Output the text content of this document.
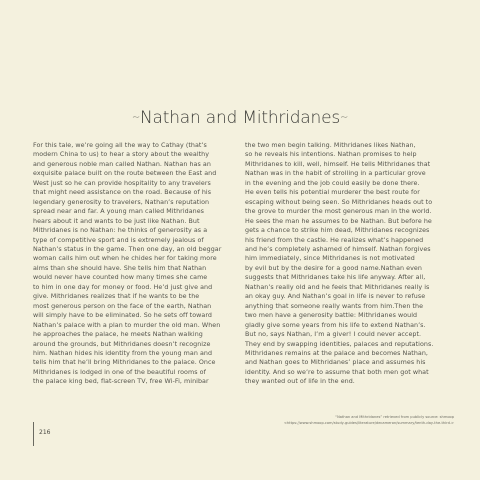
~Nathan and Mithridanes~
For this tale, we’re going all the way to Cathay (that’s
modern China to us) to hear a story about the wealthy
and generous noble man called Nathan. Nathan has an
exquisite palace built on the route between the East and
West just so he can provide hospitality to any travelers
that might need assistance on the road. Because of his
legendary generosity to travelers, Nathan’s reputation
spread near and far. A young man called Mithridanes
hears about it and wants to be just like Nathan. But
Mithridanes is no Nathan: he thinks of generosity as a
type of competitive sport and is extremely jealous of
Nathan’s status in the game. Then one day, an old beggar
woman calls him out when he chides her for taking more
alms than she should have. She tells him that Nathan
would never have counted how many times she came
to him in one day for money or food. He’d just give and
give. Mithridanes realizes that if he wants to be the
most generous person on the face of the earth, Nathan
will simply have to be eliminated. So he sets off toward
Nathan’s palace with a plan to murder the old man. When
he approaches the palace, he meets Nathan walking
around the grounds, but Mithridanes doesn’t recognize
him. Nathan hides his identity from the young man and
tells him that he’ll bring Mithridanes to the palace. Once
Mithridanes is lodged in one of the beautiful rooms of
the palace king bed, flat-screen TV, free Wi-Fi, minibar
the two men begin talking. Mithridanes likes Nathan,
so he reveals his intentions. Nathan promises to help
Mithridanes to kill, well, himself. He tells Mithridanes that
Nathan was in the habit of strolling in a particular grove
in the evening and the job could easily be done there.
He even tells his potential murderer the best route for
escaping without being seen. So Mithridanes heads out to
the grove to murder the most generous man in the world.
He sees the man he assumes to be Nathan. But before he
gets a chance to strike him dead, Mithridanes recognizes
his friend from the castle. He realizes what’s happened
and he’s completely ashamed of himself. Nathan forgives
him immediately, since Mithridanes is not motivated
by evil but by the desire for a good name.Nathan even
suggests that Mithridanes take his life anyway. After all,
Nathan’s really old and he feels that Mithridanes really is
an okay guy. And Nathan’s goal in life is never to refuse
anything that someone really wants from him.Then the
two men have a generosity battle: Mithridanes would
gladly give some years from his life to extend Nathan’s.
But no, says Nathan, I’m a giver! I could never accept.
They end by swapping identities, palaces and reputations.
Mithridanes remains at the palace and becomes Nathan,
and Nathan goes to Mithridanes’ place and assumes his
identity. And so we’re to assume that both men got what
they wanted out of life in the end.
“Nathan and Mithridanes” retrieved from publicly source: shmoop
<https://www.shmoop.com/study-guides/literature/decameron/summary/tenth-day-the-third.>
216
